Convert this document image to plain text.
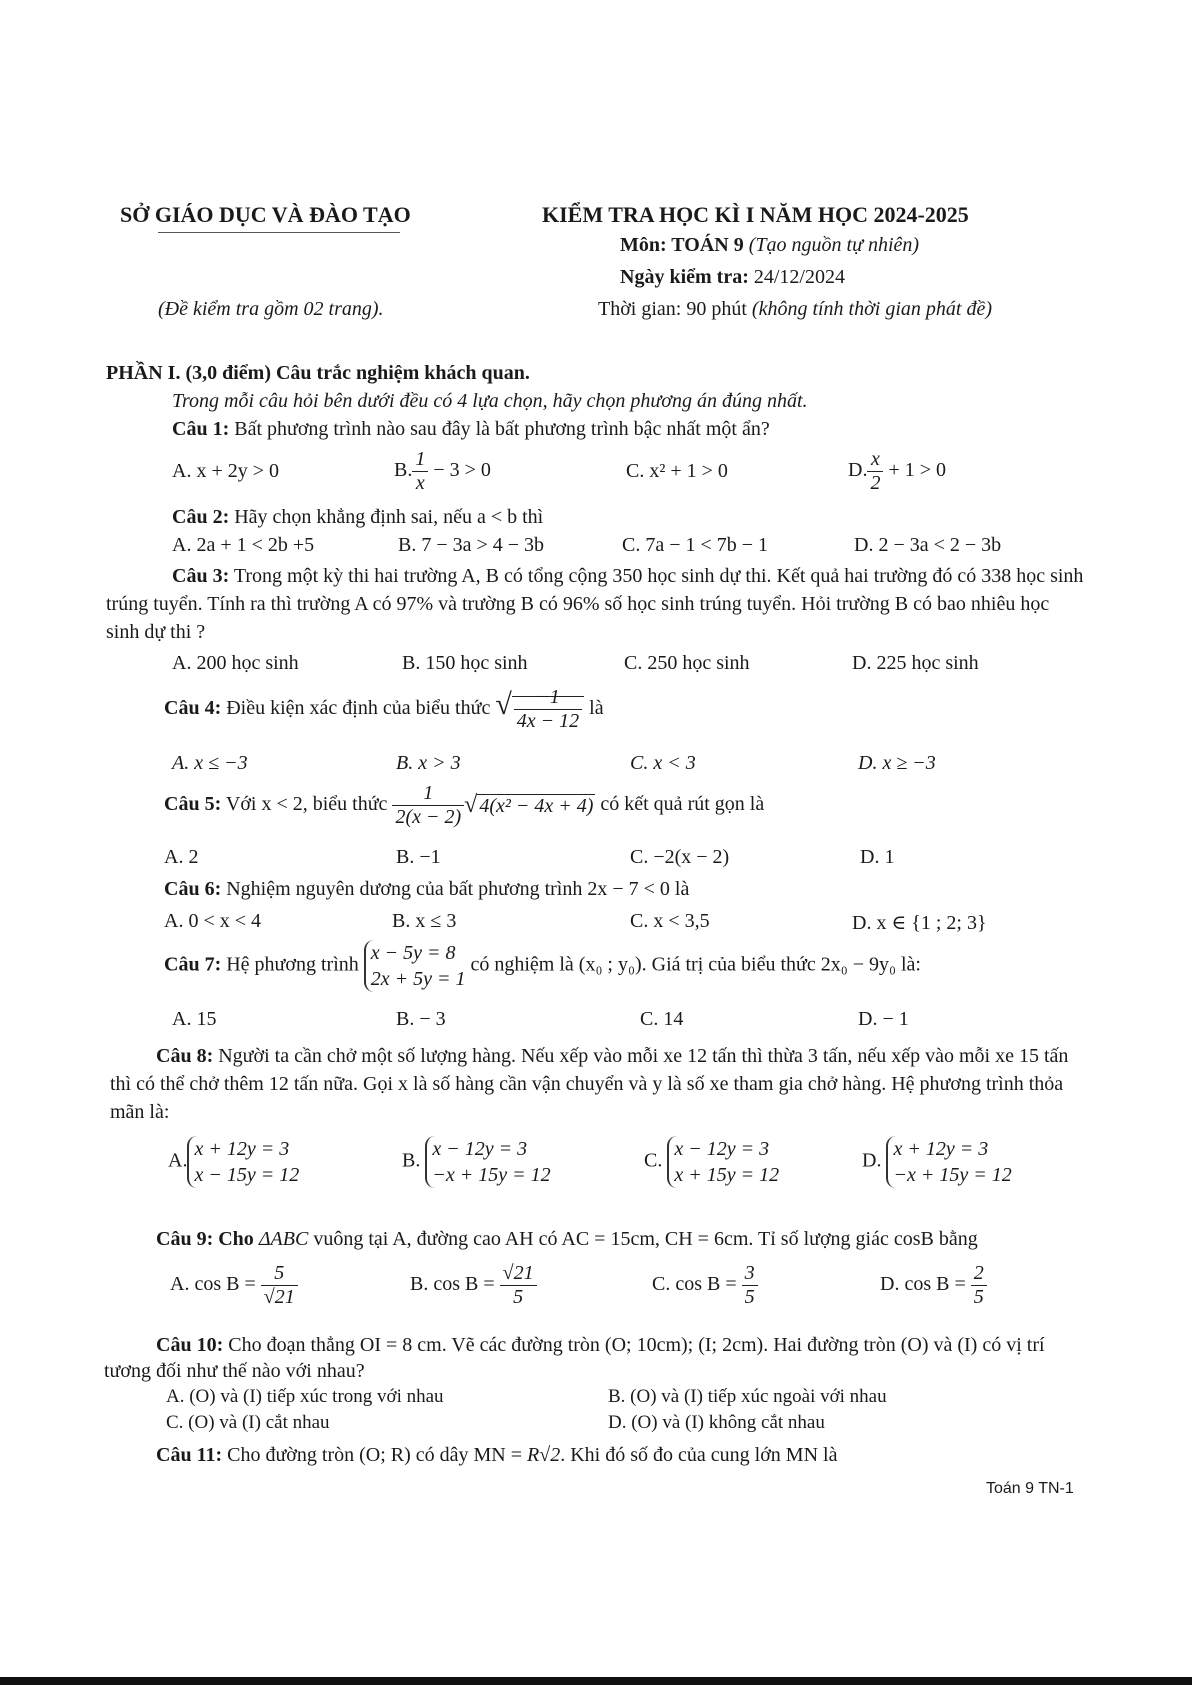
SỞ GIÁO DỤC VÀ ĐÀO TẠO
(Đề kiểm tra gồm 02 trang).
KIỂM TRA HỌC KÌ I NĂM HỌC 2024-2025
Môn: TOÁN 9 (Tạo nguồn tự nhiên)
Ngày kiểm tra: 24/12/2024
Thời gian: 90 phút (không tính thời gian phát đề)
PHẦN I. (3,0 điểm) Câu trắc nghiệm khách quan.
Trong mỗi câu hỏi bên dưới đều có 4 lựa chọn, hãy chọn phương án đúng nhất.
Câu 1: Bất phương trình nào sau đây là bất phương trình bậc nhất một ẩn?
A. x + 2y > 0	B. $\frac{1}{x} - 3 > 0$	C. x² + 1 > 0	D. $\frac{x}{2} + 1 > 0$
Câu 2: Hãy chọn khẳng định sai, nếu a < b thì
A. 2a + 1 < 2b +5	B. 7 − 3a > 4 − 3b	C. 7a − 1 < 7b − 1	D. 2 − 3a < 2 − 3b
Câu 3: Trong một kỳ thi hai trường A, B có tổng cộng 350 học sinh dự thi. Kết quả hai trường đó có 338 học sinh trúng tuyển. Tính ra thì trường A có 97% và trường B có 96% số học sinh trúng tuyển. Hỏi trường B có bao nhiêu học sinh dự thi ?
A. 200 học sinh	B. 150 học sinh	C. 250 học sinh	D. 225 học sinh
Câu 4: Điều kiện xác định của biểu thức √ $\frac{-1}{4x - 12}$ là
A. x ≤ −3	B. x > 3	C. x < 3	D. x ≥ −3
Câu 5: Với x < 2, biểu thức $\frac{1}{2(x - 2)}$ √ 4(x² − 4x + 4) có kết quả rút gọn là
A. 2	B. −1	C. −2(x − 2)	D. 1
Câu 6: Nghiệm nguyên dương của bất phương trình 2x − 7 < 0 là
A. 0 < x < 4	B. x ≤ 3	C. x < 3,5	D. x ∈ {1 ; 2; 3}
Câu 7: Hệ phương trình
x − 5y = 8
2x + 5y = 1
có nghiệm là (x₀ ; y₀). Giá trị của biểu thức 2x₀ − 9y₀ là:
A. 15	B. − 3	C. 14	D. − 1
Câu 8: Người ta cần chở một số lượng hàng. Nếu xếp vào mỗi xe 12 tấn thì thừa 3 tấn, nếu xếp vào mỗi xe 15 tấn thì có thể chở thêm 12 tấn nữa. Gọi x là số hàng cần vận chuyển và y là số xe tham gia chở hàng. Hệ phương trình thỏa mãn là:
A.
x + 12y = 3
x − 15y = 12
B.
x − 12y = 3
−x + 15y = 12
C.
x − 12y = 3
x + 15y = 12
D.
x + 12y = 3
−x + 15y = 12
Câu 9: Cho ΔABC vuông tại A, đường cao AH có AC = 15cm, CH = 6cm. Tỉ số lượng giác cosB bằng
A. $\cos B = \frac{5}{√21}$	B. $\cos B = \frac{√21}{5}$	C. $\cos B = \frac{3}{5}$	D. $\cos B = \frac{2}{5}$
Câu 10: Cho đoạn thẳng OI = 8 cm. Vẽ các đường tròn (O; 10cm); (I; 2cm). Hai đường tròn (O) và (I) có vị trí tương đối như thế nào với nhau?
A. (O) và (I) tiếp xúc trong với nhau	B. (O) và (I) tiếp xúc ngoài với nhau
C. (O) và (I) cắt nhau	D. (O) và (I) không cắt nhau
Câu 11: Cho đường tròn (O; R) có dây MN = R√2. Khi đó số đo của cung lớn MN là
Toán 9 TN-1
